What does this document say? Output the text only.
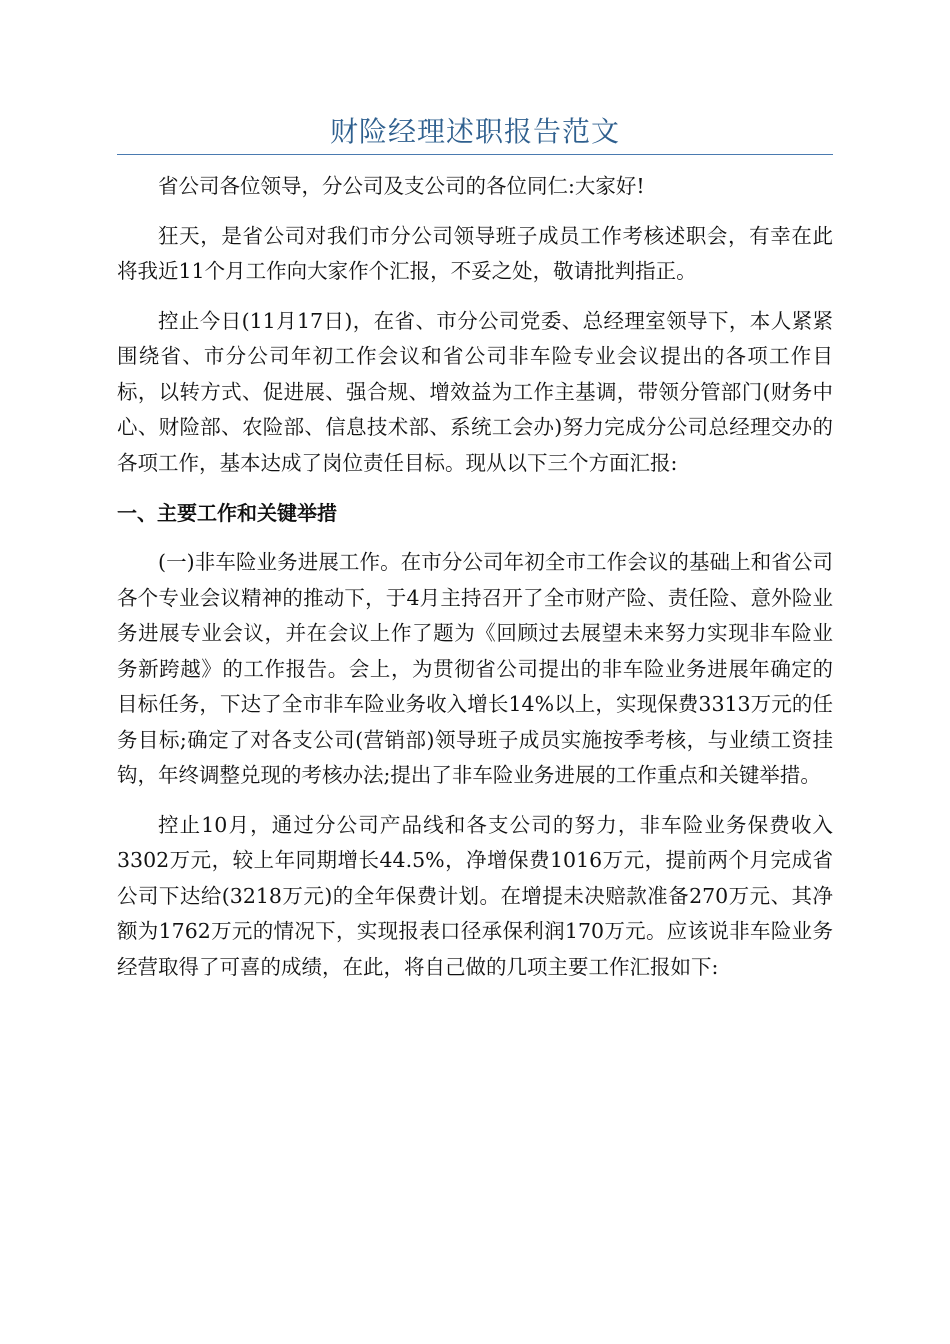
财险经理述职报告范文

省公司各位领导，分公司及支公司的各位同仁:大家好!

狂天，是省公司对我们市分公司领导班子成员工作考核述职会，有幸在此将我近11个月工作向大家作个汇报，不妥之处，敬请批判指正。

控止今日(11月17日)，在省、市分公司党委、总经理室领导下，本人紧紧围绕省、市分公司年初工作会议和省公司非车险专业会议提出的各项工作目标，以转方式、促进展、强合规、增效益为工作主基调，带领分管部门(财务中心、财险部、农险部、信息技术部、系统工会办)努力完成分公司总经理交办的各项工作，基本达成了岗位责任目标。现从以下三个方面汇报:

一、主要工作和关键举措

(一)非车险业务进展工作。在市分公司年初全市工作会议的基础上和省公司各个专业会议精神的推动下，于4月主持召开了全市财产险、责任险、意外险业务进展专业会议，并在会议上作了题为《回顾过去展望未来努力实现非车险业务新跨越》的工作报告。会上，为贯彻省公司提出的非车险业务进展年确定的目标任务，下达了全市非车险业务收入增长14%以上，实现保费3313万元的任务目标;确定了对各支公司(营销部)领导班子成员实施按季考核，与业绩工资挂钩，年终调整兑现的考核办法;提出了非车险业务进展的工作重点和关键举措。

控止10月，通过分公司产品线和各支公司的努力，非车险业务保费收入3302万元，较上年同期增长44.5%，净增保费1016万元，提前两个月完成省公司下达给(3218万元)的全年保费计划。在增提未决赔款准备270万元、其净额为1762万元的情况下，实现报表口径承保利润170万元。应该说非车险业务经营取得了可喜的成绩，在此，将自己做的几项主要工作汇报如下:
